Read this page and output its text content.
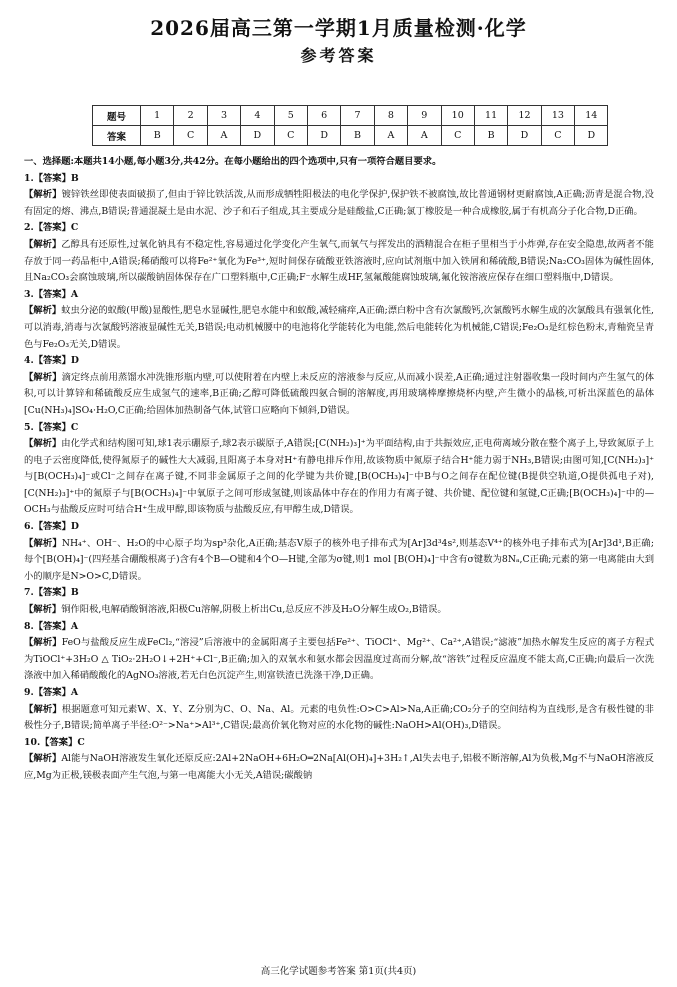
2026届高三第一学期1月质量检测·化学
参考答案
题号	1	2	3	4	5	6	7	8	9	10	11	12	13	14
答案	B	C	A	D	C	D	B	A	A	C	B	D	C	D

一、选择题:本题共14小题,每小题3分,共42分。在每小题给出的四个选项中,只有一项符合题目要求。

1.【答案】B

【解析】镀锌铁丝即使表面破损了,但由于锌比铁活泼,从而形成牺牲阳极法的电化学保护,保护铁不被腐蚀,故比普通钢材更耐腐蚀,A正确;沥青是混合物,没有固定的熔、沸点,B错误;普通混凝土是由水泥、沙子和石子组成,其主要成分是硅酸盐,C正确;氯丁橡胶是一种合成橡胶,属于有机高分子化合物,D正确。

2.【答案】C

【解析】乙醇具有还原性,过氧化钠具有不稳定性,容易通过化学变化产生氧气,而氧气与挥发出的酒精混合在柜子里相当于小炸弹,存在安全隐患,故两者不能存放于同一药品柜中,A错误;稀硝酸可以将Fe²⁺氧化为Fe³⁺,短时间保存硫酸亚铁溶液时,应向试剂瓶中加入铁屑和稀硫酸,B错误;Na₂CO₃固体为碱性固体,且Na₂CO₃会腐蚀玻璃,所以碳酸钠固体保存在广口塑料瓶中,C正确;F⁻水解生成HF,氢氟酸能腐蚀玻璃,氟化铵溶液应保存在细口塑料瓶中,D错误。

3.【答案】A

【解析】蚊虫分泌的蚁酸(甲酸)显酸性,肥皂水显碱性,肥皂水能中和蚁酸,减轻痛痒,A正确;漂白粉中含有次氯酸钙,次氯酸钙水解生成的次氯酸具有强氧化性,可以消毒,消毒与次氯酸钙溶液显碱性无关,B错误;电动机械腰中的电池将化学能转化为电能,然后电能转化为机械能,C错误;Fe₂O₃是红棕色粉末,青釉瓷呈青色与Fe₂O₃无关,D错误。

4.【答案】D

【解析】滴定终点前用蒸馏水冲洗锥形瓶内壁,可以使附着在内壁上未反应的溶液参与反应,从而减小误差,A正确;通过注射器收集一段时间内产生氢气的体积,可以计算锌和稀硫酸反应生成氢气的速率,B正确;乙醇可降低硫酸四氨合铜的溶解度,再用玻璃棒摩擦烧杯内壁,产生微小的晶核,可析出深蓝色的晶体[Cu(NH₃)₄]SO₄·H₂O,C正确;给固体加热制备气体,试管口应略向下倾斜,D错误。

5.【答案】C

【解析】由化学式和结构图可知,球1表示硼原子,球2表示碳原子,A错误;[C(NH₂)₃]⁺为平面结构,由于共振效应,正电荷离域分散在整个离子上,导致氮原子上的电子云密度降低,使得氮原子的碱性大大减弱,且阳离子本身对H⁺有静电排斥作用,故该物质中氮原子结合H⁺能力弱于NH₃,B错误;由图可知,[C(NH₂)₃]⁺与[B(OCH₃)₄]⁻或Cl⁻之间存在离子键,不同非金属原子之间的化学键为共价键,[B(OCH₃)₄]⁻中B与O之间存在配位键(B提供空轨道,O提供孤电子对),[C(NH₂)₃]⁺中的氮原子与[B(OCH₃)₄]⁻中氧原子之间可形成氢键,则该晶体中存在的作用力有离子键、共价键、配位键和氢键,C正确;[B(OCH₃)₄]⁻中的—OCH₃与盐酸反应时可结合H⁺生成甲醇,即该物质与盐酸反应,有甲醇生成,D错误。

6.【答案】D

【解析】NH₄⁺、OH⁻、H₂O的中心原子均为sp³杂化,A正确;基态V原子的核外电子排布式为[Ar]3d³4s²,则基态V⁴⁺的核外电子排布式为[Ar]3d¹,B正确;每个[B(OH)₄]⁻(四羟基合硼酸根离子)含有4个B—O键和4个O—H键,全部为σ键,则1 mol [B(OH)₄]⁻中含有σ键数为8Nₐ,C正确;元素的第一电离能由大到小的顺序是N>O>C,D错误。

7.【答案】B

【解析】铜作阳极,电解硝酸铜溶液,阳极Cu溶解,阴极上析出Cu,总反应不涉及H₂O分解生成O₂,B错误。

8.【答案】A

【解析】FeO与盐酸反应生成FeCl₂,“溶浸”后溶液中的金属阳离子主要包括Fe²⁺、TiOCl⁺、Mg²⁺、Ca²⁺,A错误;“滤液”加热水解发生反应的离子方程式为TiOCl⁺+3H₂O △ TiO₂·2H₂O↓+2H⁺+Cl⁻,B正确;加入的双氧水和氨水都会因温度过高而分解,故“溶铁”过程反应温度不能太高,C正确;向最后一次洗涤液中加入稀硝酸酸化的AgNO₃溶液,若无白色沉淀产生,则富铁渣已洗涤干净,D正确。

9.【答案】A

【解析】根据题意可知元素W、X、Y、Z分别为C、O、Na、Al。元素的电负性:O>C>Al>Na,A正确;CO₂分子的空间结构为直线形,是含有极性键的非极性分子,B错误;简单离子半径:O²⁻>Na⁺>Al³⁺,C错误;最高价氧化物对应的水化物的碱性:NaOH>Al(OH)₃,D错误。

10.【答案】C

【解析】Al能与NaOH溶液发生氧化还原反应:2Al+2NaOH+6H₂O═2Na[Al(OH)₄]+3H₂↑,Al失去电子,铝极不断溶解,Al为负极,Mg不与NaOH溶液反应,Mg为正极,镁极表面产生气泡,与第一电离能大小无关,A错误;碳酸钠

高三化学试题参考答案 第1页(共4页)
